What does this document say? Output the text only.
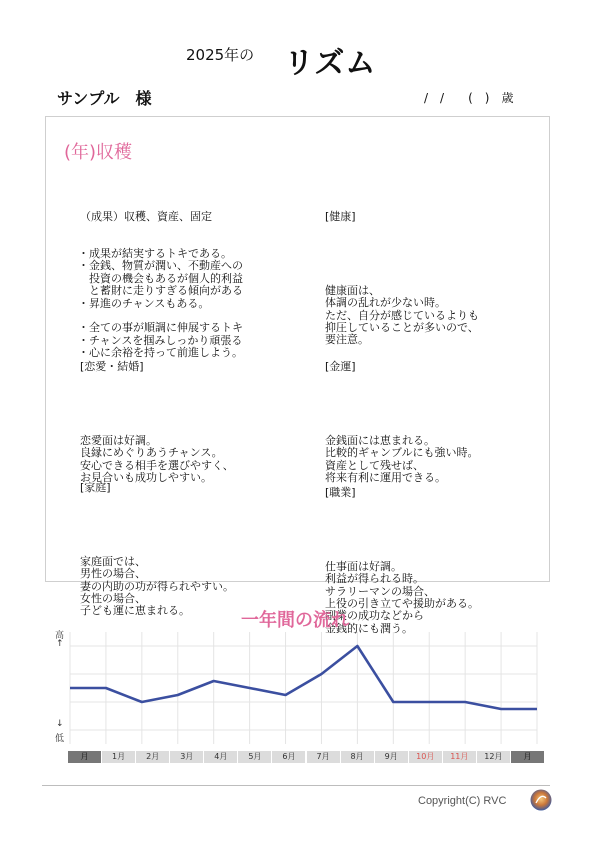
2025年の リズム
サンプル　様	/　/　　(　)　歳
(年)収穫

（成果）収穫、資産、固定

・成果が結実するトキである。
・金銭、物質が潤い、不動産への
　投資の機会もあるが個人的利益
　と蓄財に走りすぎる傾向がある
・昇進のチャンスもある。

・全ての事が順調に伸展するトキ
・チャンスを掴みしっかり頑張る
・心に余裕を持って前進しよう。

[健康]

健康面は、
体調の乱れが少ない時。
ただ、自分が感じているよりも
抑圧していることが多いので、
要注意。

[恋愛・結婚]

恋愛面は好調。
良縁にめぐりあうチャンス。
安心できる相手を選びやすく、
お見合いも成功しやすい。

[金運]

金銭面には恵まれる。
比較的ギャンブルにも強い時。
資産として残せば、
将来有利に運用できる。

[家庭]

家庭面では、
男性の場合、
妻の内助の功が得られやすい。
女性の場合、
子ども運に恵まれる。

[職業]

仕事面は好調。
利益が得られる時。
サラリーマンの場合、
上役の引き立てや援助がある。
副業の成功などから
金銭的にも潤う。

一年間の流れ
高
↑
↓
低
月	1月	2月	3月	4月	5月	6月	7月	8月	9月	10月	11月	12月	月
Copyright(C) RVC
